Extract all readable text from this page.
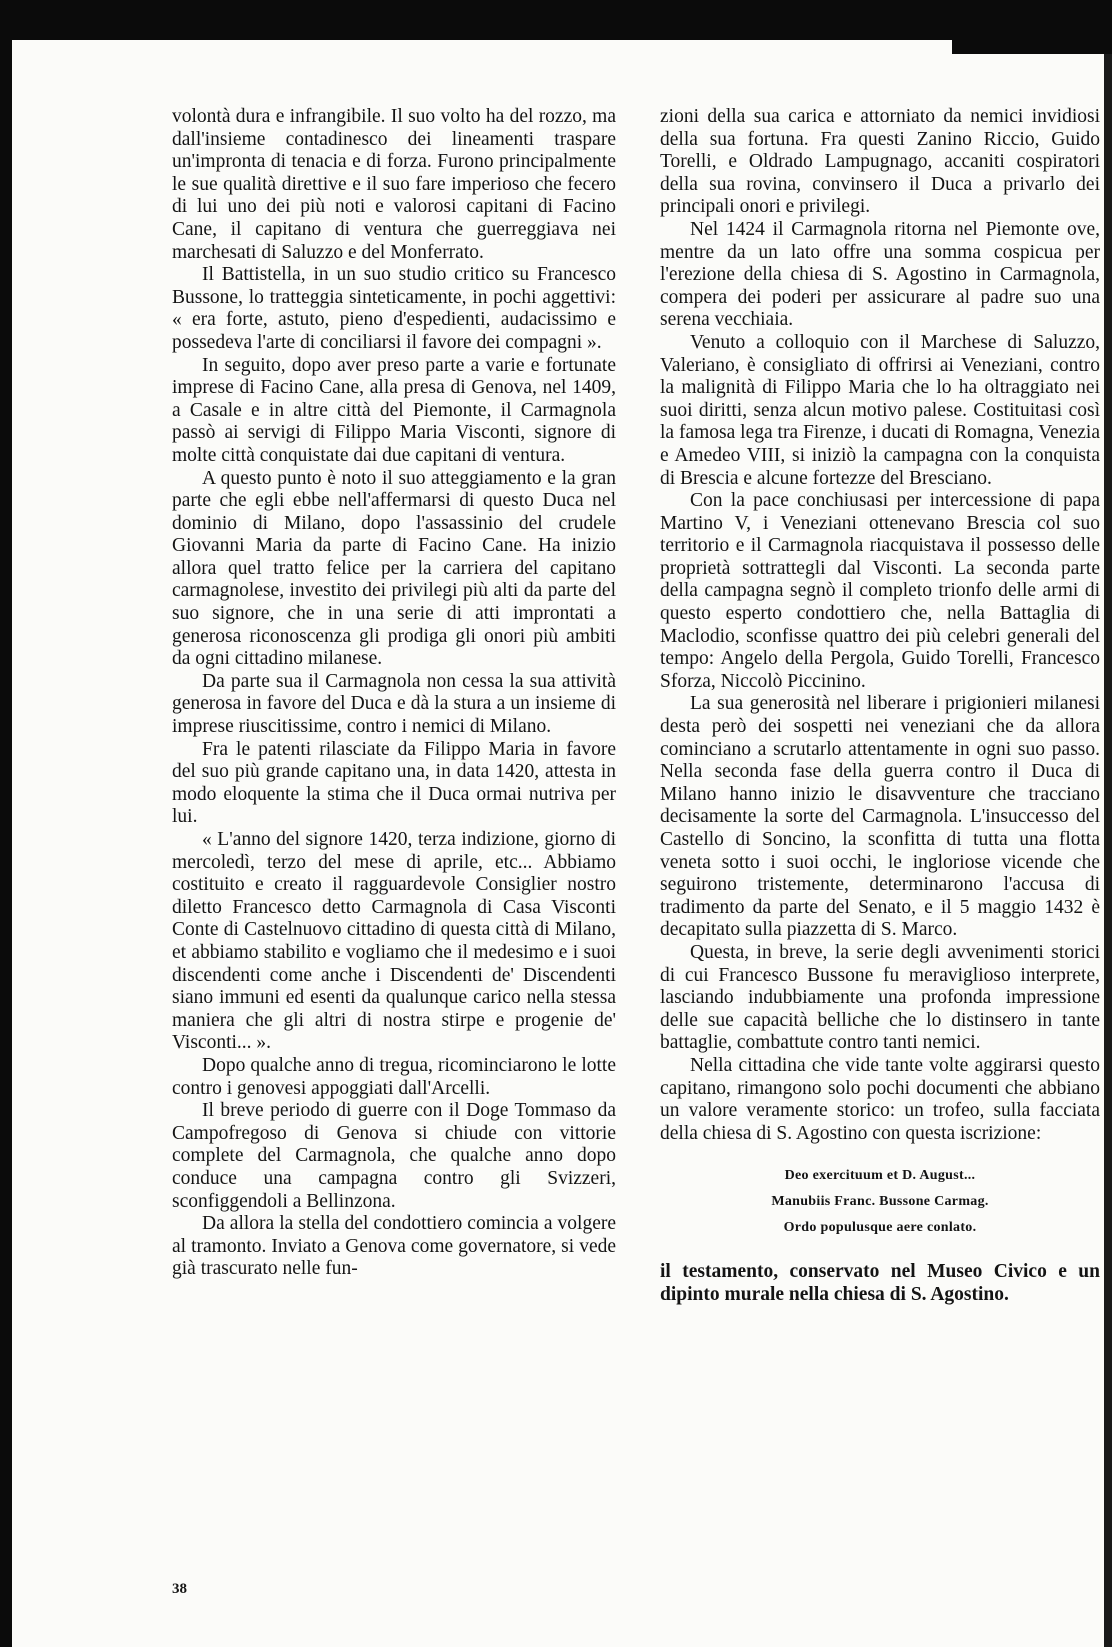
volontà dura e infrangibile. Il suo volto ha del rozzo, ma dall'insieme contadinesco dei lineamenti traspare un'impronta di tenacia e di forza. Furono principalmente le sue qualità direttive e il suo fare imperioso che fecero di lui uno dei più noti e valorosi capitani di Facino Cane, il capitano di ventura che guerreggiava nei marchesati di Saluzzo e del Monferrato.

Il Battistella, in un suo studio critico su Francesco Bussone, lo tratteggia sinteticamente, in pochi aggettivi: « era forte, astuto, pieno d'espedienti, audacissimo e possedeva l'arte di conciliarsi il favore dei compagni ».

In seguito, dopo aver preso parte a varie e fortunate imprese di Facino Cane, alla presa di Genova, nel 1409, a Casale e in altre città del Piemonte, il Carmagnola passò ai servigi di Filippo Maria Visconti, signore di molte città conquistate dai due capitani di ventura.

A questo punto è noto il suo atteggiamento e la gran parte che egli ebbe nell'affermarsi di questo Duca nel dominio di Milano, dopo l'assassinio del crudele Giovanni Maria da parte di Facino Cane. Ha inizio allora quel tratto felice per la carriera del capitano carmagnolese, investito dei privilegi più alti da parte del suo signore, che in una serie di atti improntati a generosa riconoscenza gli prodiga gli onori più ambiti da ogni cittadino milanese.

Da parte sua il Carmagnola non cessa la sua attività generosa in favore del Duca e dà la stura a un insieme di imprese riuscitissime, contro i nemici di Milano.

Fra le patenti rilasciate da Filippo Maria in favore del suo più grande capitano una, in data 1420, attesta in modo eloquente la stima che il Duca ormai nutriva per lui.

« L'anno del signore 1420, terza indizione, giorno di mercoledì, terzo del mese di aprile, etc... Abbiamo costituito e creato il ragguardevole Consiglier nostro diletto Francesco detto Carmagnola di Casa Visconti Conte di Castelnuovo cittadino di questa città di Milano, et abbiamo stabilito e vogliamo che il medesimo e i suoi discendenti come anche i Discendenti de' Discendenti siano immuni ed esenti da qualunque carico nella stessa maniera che gli altri di nostra stirpe e progenie de' Visconti... ».

Dopo qualche anno di tregua, ricominciarono le lotte contro i genovesi appoggiati dall'Arcelli.

Il breve periodo di guerre con il Doge Tommaso da Campofregoso di Genova si chiude con vittorie complete del Carmagnola, che qualche anno dopo conduce una campagna contro gli Svizzeri, sconfiggendoli a Bellinzona.

Da allora la stella del condottiero comincia a volgere al tramonto. Inviato a Genova come governatore, si vede già trascurato nelle fun-

zioni della sua carica e attorniato da nemici invidiosi della sua fortuna. Fra questi Zanino Riccio, Guido Torelli, e Oldrado Lampugnago, accaniti cospiratori della sua rovina, convinsero il Duca a privarlo dei principali onori e privilegi.

Nel 1424 il Carmagnola ritorna nel Piemonte ove, mentre da un lato offre una somma cospicua per l'erezione della chiesa di S. Agostino in Carmagnola, compera dei poderi per assicurare al padre suo una serena vecchiaia.

Venuto a colloquio con il Marchese di Saluzzo, Valeriano, è consigliato di offrirsi ai Veneziani, contro la malignità di Filippo Maria che lo ha oltraggiato nei suoi diritti, senza alcun motivo palese. Costituitasi così la famosa lega tra Firenze, i ducati di Romagna, Venezia e Amedeo VIII, si iniziò la campagna con la conquista di Brescia e alcune fortezze del Bresciano.

Con la pace conchiusasi per intercessione di papa Martino V, i Veneziani ottenevano Brescia col suo territorio e il Carmagnola riacquistava il possesso delle proprietà sottrattegli dal Visconti. La seconda parte della campagna segnò il completo trionfo delle armi di questo esperto condottiero che, nella Battaglia di Maclodio, sconfisse quattro dei più celebri generali del tempo: Angelo della Pergola, Guido Torelli, Francesco Sforza, Niccolò Piccinino.

La sua generosità nel liberare i prigionieri milanesi desta però dei sospetti nei veneziani che da allora cominciano a scrutarlo attentamente in ogni suo passo. Nella seconda fase della guerra contro il Duca di Milano hanno inizio le disavventure che tracciano decisamente la sorte del Carmagnola. L'insuccesso del Castello di Soncino, la sconfitta di tutta una flotta veneta sotto i suoi occhi, le ingloriose vicende che seguirono tristemente, determinarono l'accusa di tradimento da parte del Senato, e il 5 maggio 1432 è decapitato sulla piazzetta di S. Marco.

Questa, in breve, la serie degli avvenimenti storici di cui Francesco Bussone fu meraviglioso interprete, lasciando indubbiamente una profonda impressione delle sue capacità belliche che lo distinsero in tante battaglie, combattute contro tanti nemici.

Nella cittadina che vide tante volte aggirarsi questo capitano, rimangono solo pochi documenti che abbiano un valore veramente storico: un trofeo, sulla facciata della chiesa di S. Agostino con questa iscrizione:

Deo exercituum et D. August...
Manubiis Franc. Bussone Carmag.
Ordo populusque aere conlato.

il testamento, conservato nel Museo Civico e un dipinto murale nella chiesa di S. Agostino.

38
